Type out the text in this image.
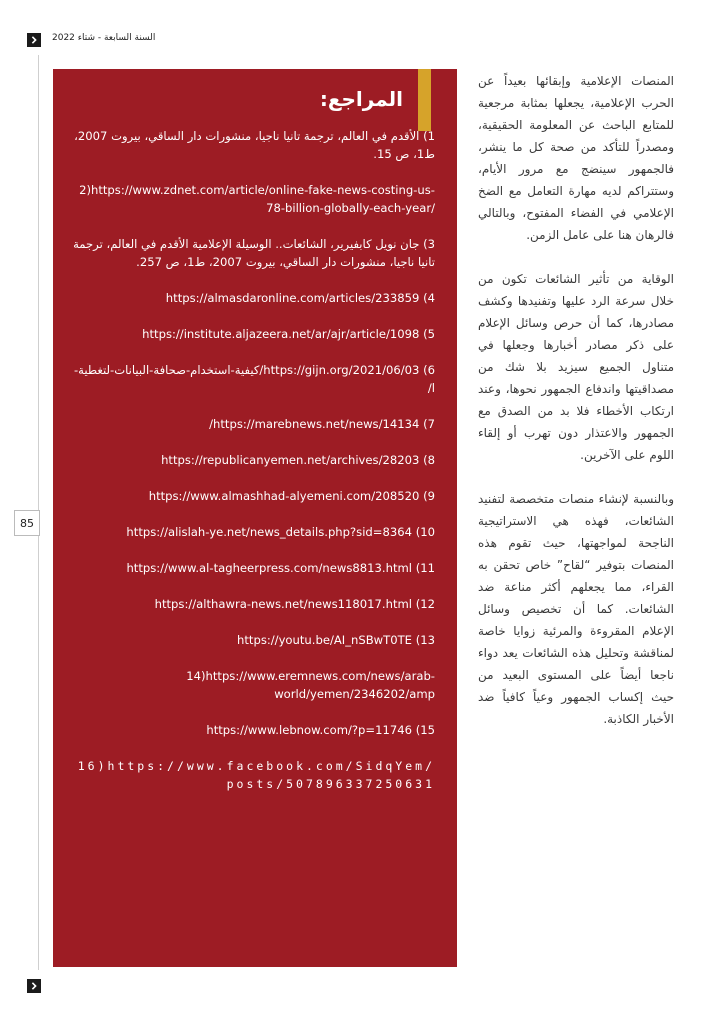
السنة السابعة - شتاء 2022
85
المراجع:
1) الأقدم في العالم، ترجمة تانيا ناجيا، منشورات دار الساقي، بيروت 2007، ط1، ص 15.
2)https://www.zdnet.com/article/online-fake-news-costing-us-78-billion-globally-each-year/
3) جان نويل كابفيرير، الشائعات.. الوسيلة الإعلامية الأقدم في العالم، ترجمة تانيا ناجيا، منشورات دار الساقي، بيروت 2007، ط1، ص 257.
4) https://almasdaronline.com/articles/233859
5) https://institute.aljazeera.net/ar/ajr/article/1098
6) https://gijn.org/2021/06/03/كيفية-استخدام-صحافة-البيانات-لتغطية-ا/
7) https://marebnews.net/news/14134/
8) https://republicanyemen.net/archives/28203
9) https://www.almashhad-alyemeni.com/208520
10) https://alislah-ye.net/news_details.php?sid=8364
11) https://www.al-tagheerpress.com/news8813.html
12) https://althawra-news.net/news118017.html
13) https://youtu.be/AI_nSBwT0TE
14)https://www.eremnews.com/news/arab-world/yemen/2346202/amp
15) https://www.lebnow.com/?p=11746
16)https://www.facebook.com/SidqYem/posts/507896337250631

المنصات الإعلامية وإبقائها بعيداً عن الحرب الإعلامية، يجعلها بمثابة مرجعية للمتابع الباحث عن المعلومة الحقيقية، ومصدراً للتأكد من صحة كل ما ينشر، فالجمهور سينضج مع مرور الأيام، وستتراكم لديه مهارة التعامل مع الضخ الإعلامي في الفضاء المفتوح، وبالتالي فالرهان هنا على عامل الزمن.

الوقاية من تأثير الشائعات تكون من خلال سرعة الرد عليها وتفنيدها وكشف مصادرها، كما أن حرص وسائل الإعلام على ذكر مصادر أخبارها وجعلها في متناول الجميع سيزيد بلا شك من مصداقيتها واندفاع الجمهور نحوها، وعند ارتكاب الأخطاء فلا بد من الصدق مع الجمهور والاعتذار دون تهرب أو إلقاء اللوم على الآخرين.

وبالنسبة لإنشاء منصات متخصصة لتفنيد الشائعات، فهذه هي الاستراتيجية الناجحة لمواجهتها، حيث تقوم هذه المنصات بتوفير “لقاح” خاص تحقن به القراء، مما يجعلهم أكثر مناعة ضد الشائعات. كما أن تخصيص وسائل الإعلام المقروءة والمرئية زوايا خاصة لمناقشة وتحليل هذه الشائعات يعد دواء ناجعا أيضاً على المستوى البعيد من حيث إكساب الجمهور وعياً كافياً ضد الأخبار الكاذبة.
